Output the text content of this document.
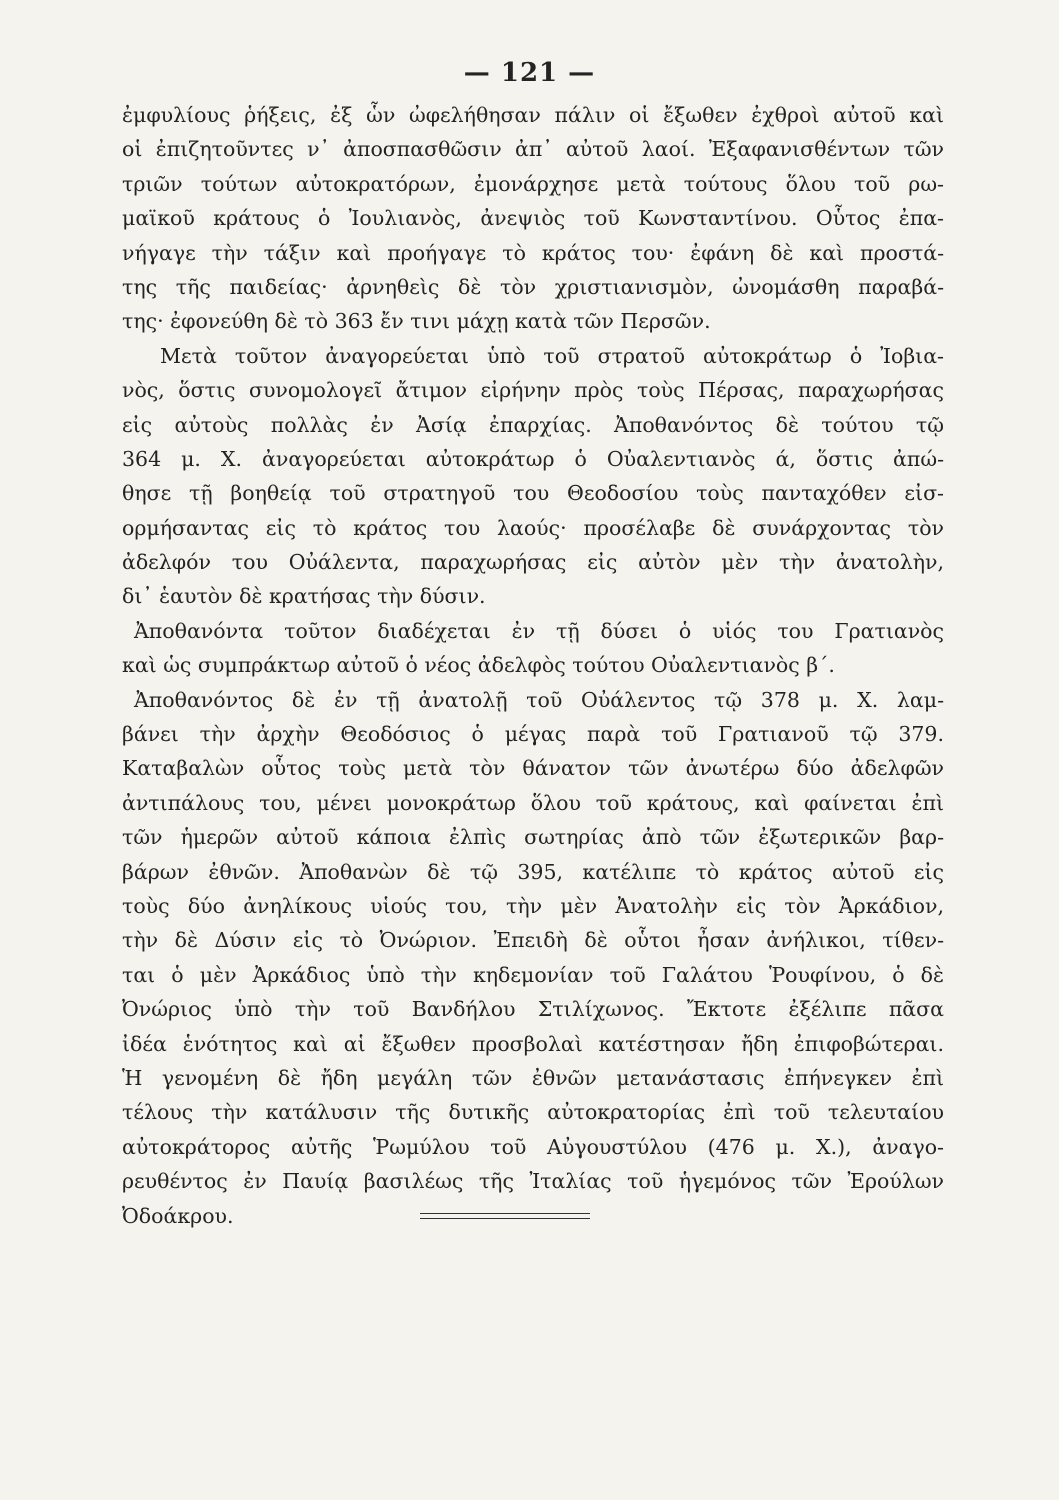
— 121 —
ἐμφυλίους ῥήξεις, ἐξ ὧν ὠφελήθησαν πάλιν οἱ ἔξωθεν ἐχθροὶ αὐτοῦ καὶ
οἱ ἐπιζητοῦντες ν᾿ ἀποσπασθῶσιν ἀπ᾿ αὐτοῦ λαοί. Ἐξαφανισθέντων τῶν
τριῶν τούτων αὐτοκρατόρων, ἐμονάρχησε μετὰ τούτους ὅλου τοῦ ρω-
μαϊκοῦ κράτους ὁ Ἰουλιανὸς, ἀνεψιὸς τοῦ Κωνσταντίνου. Οὗτος ἐπα-
νήγαγε τὴν τάξιν καὶ προήγαγε τὸ κράτος του· ἐφάνη δὲ καὶ προστά-
της τῆς παιδείας· ἀρνηθεὶς δὲ τὸν χριστιανισμὸν, ὠνομάσθη παραβά-
της· ἐφονεύθη δὲ τὸ 363 ἔν τινι μάχῃ κατὰ τῶν Περσῶν.
Μετὰ τοῦτον ἀναγορεύεται ὑπὸ τοῦ στρατοῦ αὐτοκράτωρ ὁ Ἰοβια-
νὸς, ὅστις συνομολογεῖ ἄτιμον εἰρήνην πρὸς τοὺς Πέρσας, παραχωρήσας
εἰς αὐτοὺς πολλὰς ἐν Ἀσίᾳ ἐπαρχίας. Ἀποθανόντος δὲ τούτου τῷ
364 μ. Χ. ἀναγορεύεται αὐτοκράτωρ ὁ Οὐαλεντιανὸς ά, ὅστις ἀπώ-
θησε τῇ βοηθείᾳ τοῦ στρατηγοῦ του Θεοδοσίου τοὺς πανταχόθεν εἰσ-
ορμήσαντας εἰς τὸ κράτος του λαούς· προσέλαβε δὲ συνάρχοντας τὸν
ἀδελφόν του Οὐάλεντα, παραχωρήσας εἰς αὐτὸν μὲν τὴν ἀνατολὴν,
δι᾿ ἑαυτὸν δὲ κρατήσας τὴν δύσιν.
Ἀποθανόντα τοῦτον διαδέχεται ἐν τῇ δύσει ὁ υἱός του Γρατιανὸς
καὶ ὡς συμπράκτωρ αὐτοῦ ὁ νέος ἀδελφὸς τούτου Οὐαλεντιανὸς β΄.
Ἀποθανόντος δὲ ἐν τῇ ἀνατολῇ τοῦ Οὐάλεντος τῷ 378 μ. Χ. λαμ-
βάνει τὴν ἀρχὴν Θεοδόσιος ὁ μέγας παρὰ τοῦ Γρατιανοῦ τῷ 379.
Καταβαλὼν οὗτος τοὺς μετὰ τὸν θάνατον τῶν ἀνωτέρω δύο ἀδελφῶν
ἀντιπάλους του, μένει μονοκράτωρ ὅλου τοῦ κράτους, καὶ φαίνεται ἐπὶ
τῶν ἡμερῶν αὐτοῦ κάποια ἐλπὶς σωτηρίας ἀπὸ τῶν ἐξωτερικῶν βαρ-
βάρων ἐθνῶν. Ἀποθανὼν δὲ τῷ 395, κατέλιπε τὸ κράτος αὐτοῦ εἰς
τοὺς δύο ἀνηλίκους υἱούς του, τὴν μὲν Ἀνατολὴν εἰς τὸν Ἀρκάδιον,
τὴν δὲ Δύσιν εἰς τὸ Ὀνώριον. Ἐπειδὴ δὲ οὗτοι ἦσαν ἀνήλικοι, τίθεν-
ται ὁ μὲν Ἀρκάδιος ὑπὸ τὴν κηδεμονίαν τοῦ Γαλάτου Ῥουφίνου, ὁ δὲ
Ὀνώριος ὑπὸ τὴν τοῦ Βανδήλου Στιλίχωνος. Ἔκτοτε ἐξέλιπε πᾶσα
ἰδέα ἑνότητος καὶ αἱ ἔξωθεν προσβολαὶ κατέστησαν ἤδη ἐπιφοβώτεραι.
Ἡ γενομένη δὲ ἤδη μεγάλη τῶν ἐθνῶν μετανάστασις ἐπήνεγκεν ἐπὶ
τέλους τὴν κατάλυσιν τῆς δυτικῆς αὐτοκρατορίας ἐπὶ τοῦ τελευταίου
αὐτοκράτορος αὐτῆς Ῥωμύλου τοῦ Αὐγουστύλου (476 μ. Χ.), ἀναγο-
ρευθέντος ἐν Παυίᾳ βασιλέως τῆς Ἰταλίας τοῦ ἡγεμόνος τῶν Ἐρούλων
Ὀδοάκρου.
